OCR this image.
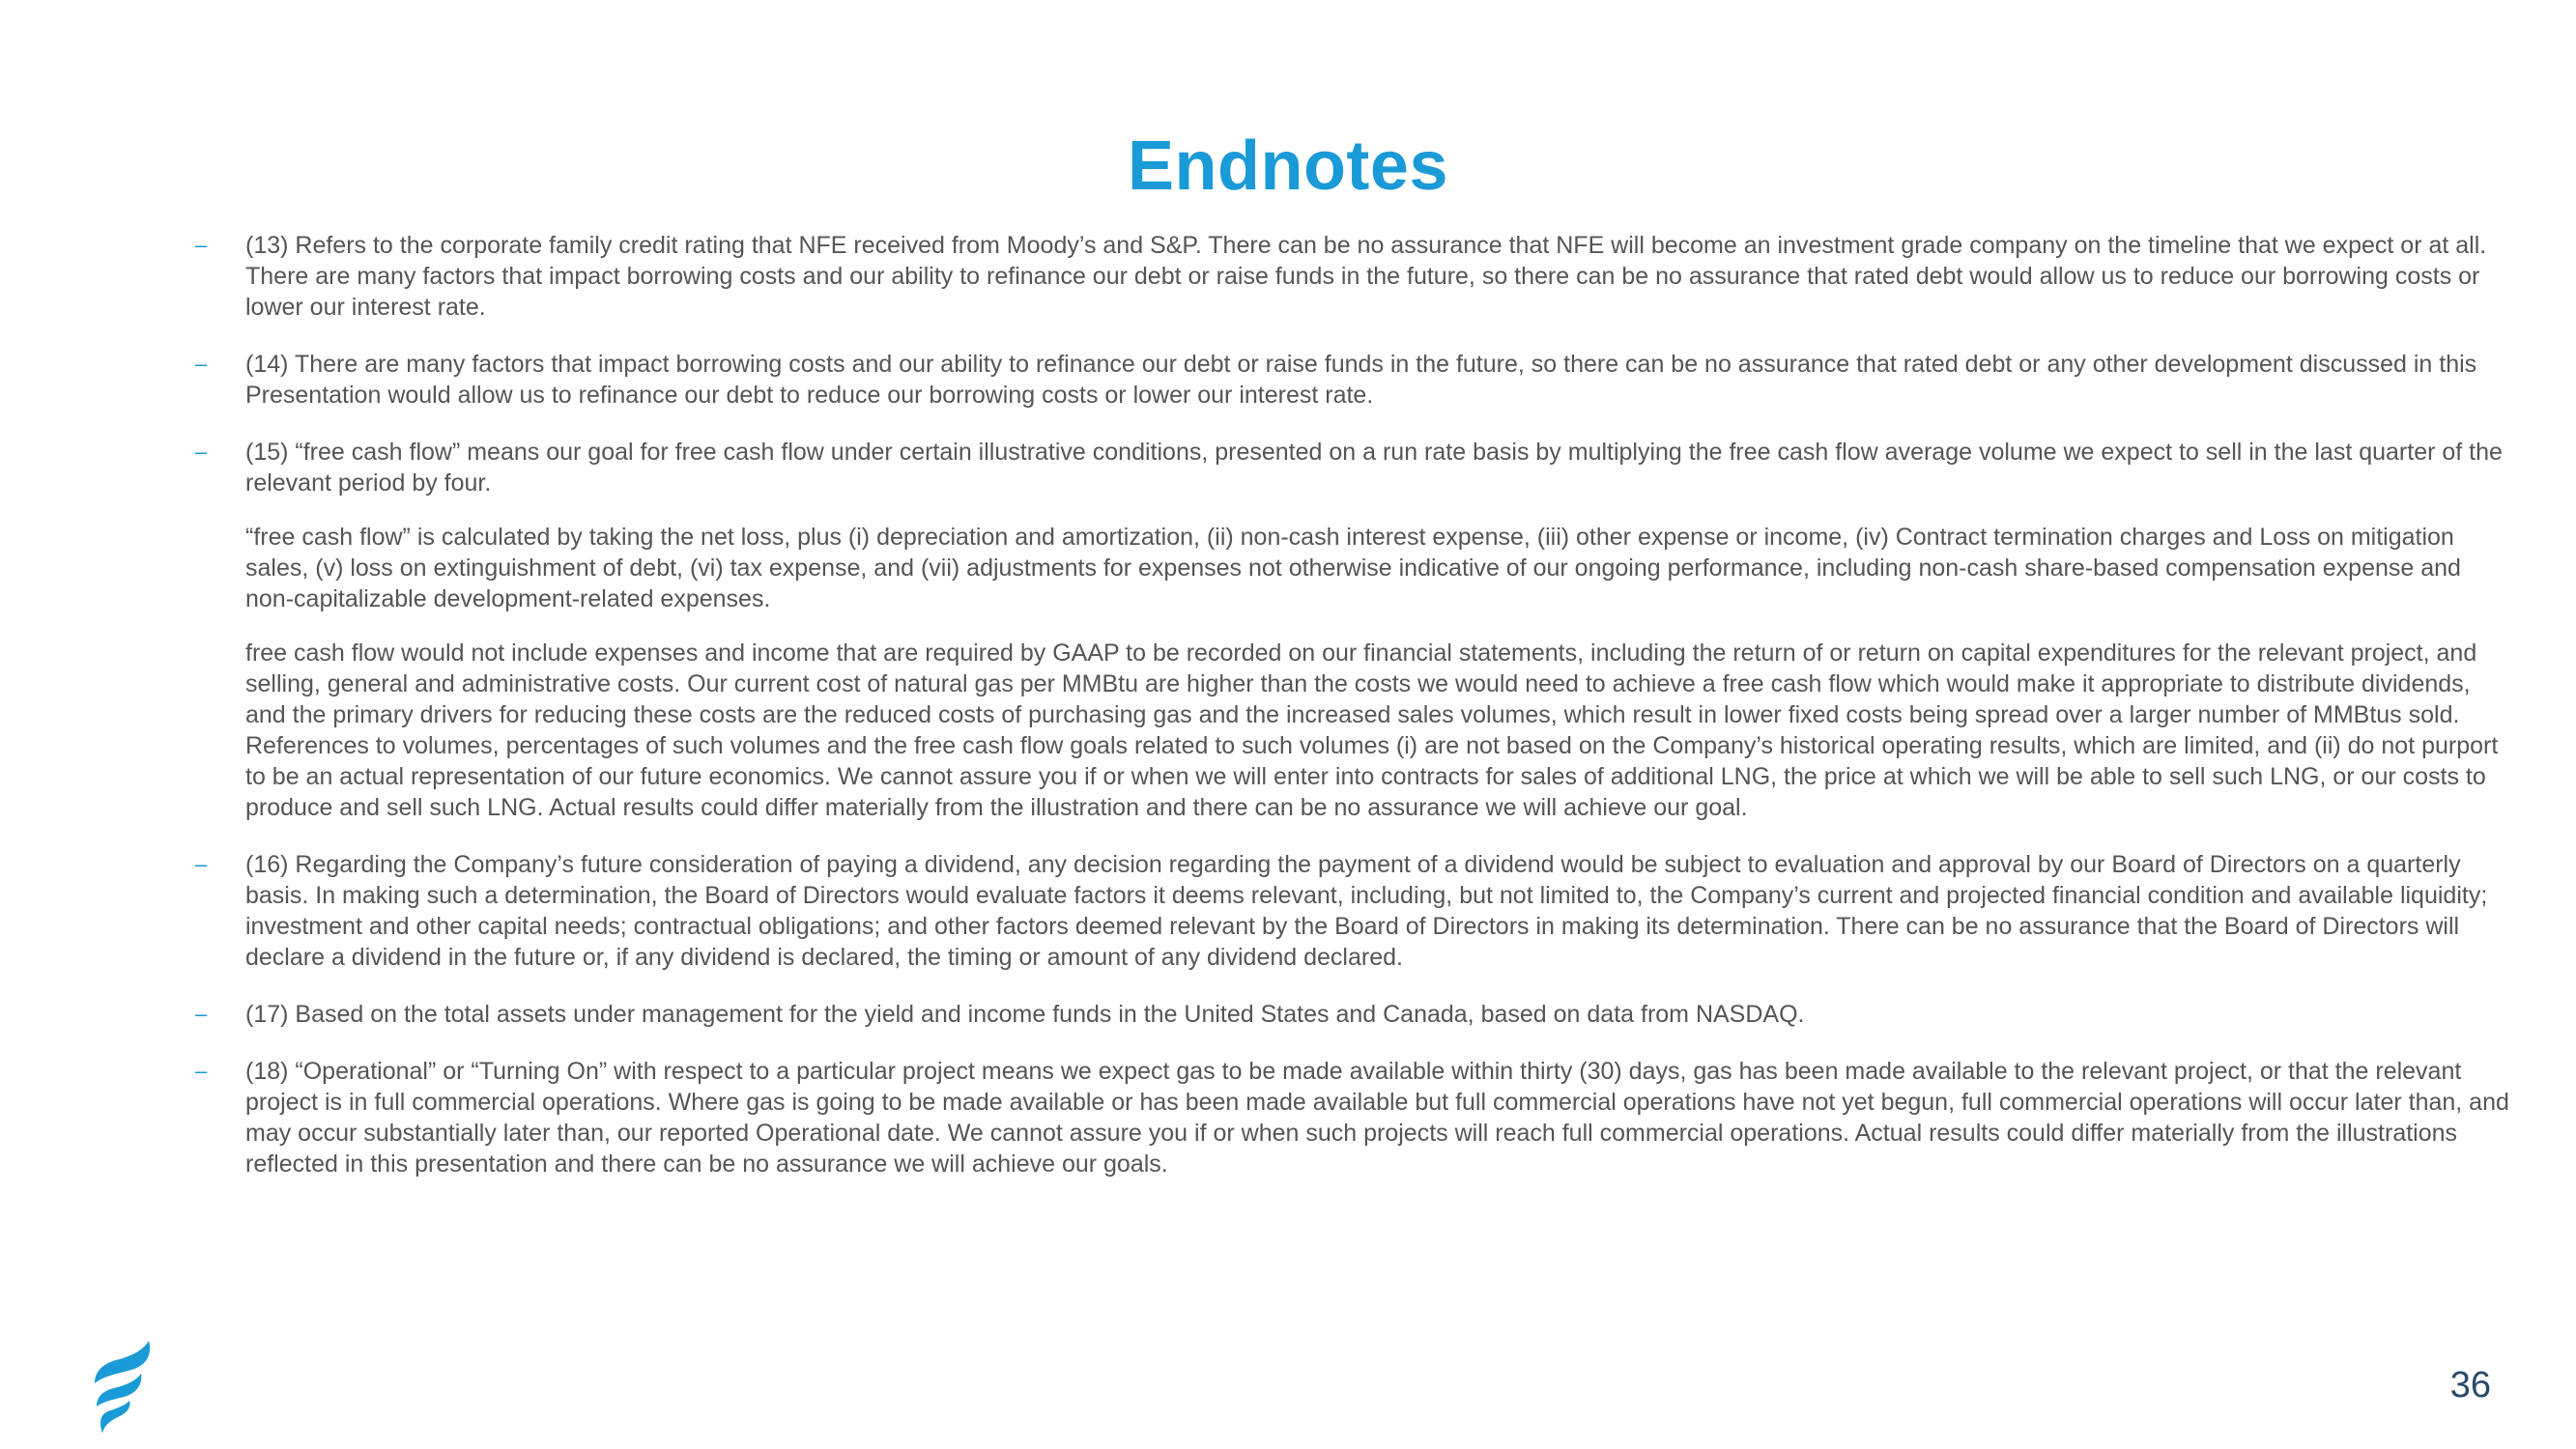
Endnotes
– (13) Refers to the corporate family credit rating that NFE received from Moody’s and S&P. There can be no assurance that NFE will become an investment grade company on the timeline that we expect or at all. There are many factors that impact borrowing costs and our ability to refinance our debt or raise funds in the future, so there can be no assurance that rated debt would allow us to reduce our borrowing costs or lower our interest rate.
– (14) There are many factors that impact borrowing costs and our ability to refinance our debt or raise funds in the future, so there can be no assurance that rated debt or any other development discussed in this Presentation would allow us to refinance our debt to reduce our borrowing costs or lower our interest rate.
– (15) “free cash flow” means our goal for free cash flow under certain illustrative conditions, presented on a run rate basis by multiplying the free cash flow average volume we expect to sell in the last quarter of the relevant period by four.
“free cash flow” is calculated by taking the net loss, plus (i) depreciation and amortization, (ii) non-cash interest expense, (iii) other expense or income, (iv) Contract termination charges and Loss on mitigation sales, (v) loss on extinguishment of debt, (vi) tax expense, and (vii) adjustments for expenses not otherwise indicative of our ongoing performance, including non-cash share-based compensation expense and non-capitalizable development-related expenses.
free cash flow would not include expenses and income that are required by GAAP to be recorded on our financial statements, including the return of or return on capital expenditures for the relevant project, and selling, general and administrative costs. Our current cost of natural gas per MMBtu are higher than the costs we would need to achieve a free cash flow which would make it appropriate to distribute dividends, and the primary drivers for reducing these costs are the reduced costs of purchasing gas and the increased sales volumes, which result in lower fixed costs being spread over a larger number of MMBtus sold. References to volumes, percentages of such volumes and the free cash flow goals related to such volumes (i) are not based on the Company’s historical operating results, which are limited, and (ii) do not purport to be an actual representation of our future economics. We cannot assure you if or when we will enter into contracts for sales of additional LNG, the price at which we will be able to sell such LNG, or our costs to produce and sell such LNG. Actual results could differ materially from the illustration and there can be no assurance we will achieve our goal.
– (16) Regarding the Company’s future consideration of paying a dividend, any decision regarding the payment of a dividend would be subject to evaluation and approval by our Board of Directors on a quarterly basis. In making such a determination, the Board of Directors would evaluate factors it deems relevant, including, but not limited to, the Company’s current and projected financial condition and available liquidity; investment and other capital needs; contractual obligations; and other factors deemed relevant by the Board of Directors in making its determination. There can be no assurance that the Board of Directors will declare a dividend in the future or, if any dividend is declared, the timing or amount of any dividend declared.
– (17) Based on the total assets under management for the yield and income funds in the United States and Canada, based on data from NASDAQ.
– (18) “Operational” or “Turning On” with respect to a particular project means we expect gas to be made available within thirty (30) days, gas has been made available to the relevant project, or that the relevant project is in full commercial operations. Where gas is going to be made available or has been made available but full commercial operations have not yet begun, full commercial operations will occur later than, and may occur substantially later than, our reported Operational date. We cannot assure you if or when such projects will reach full commercial operations. Actual results could differ materially from the illustrations reflected in this presentation and there can be no assurance we will achieve our goals.
36
